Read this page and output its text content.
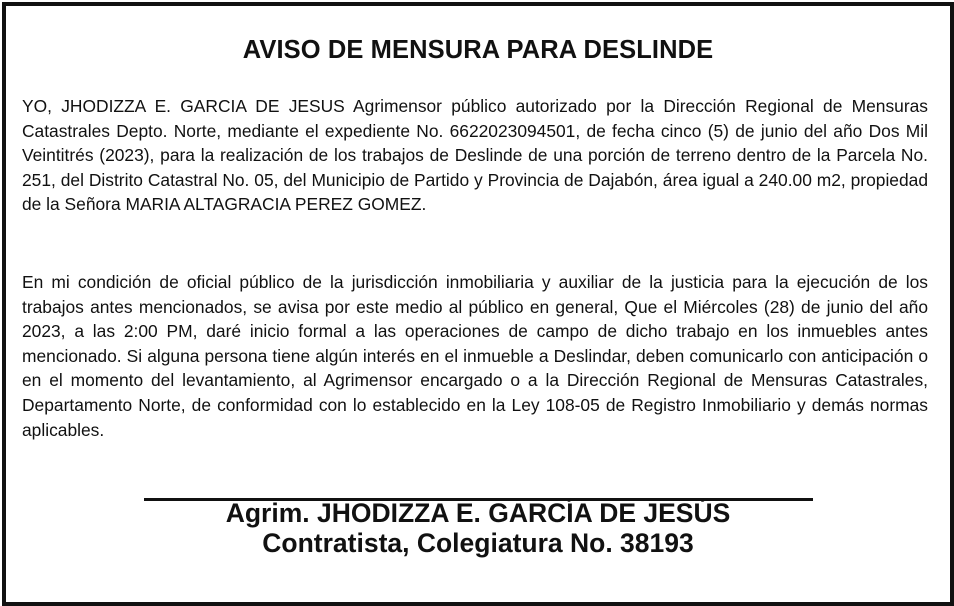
AVISO DE MENSURA PARA DESLINDE

YO, JHODIZZA E. GARCIA DE JESUS Agrimensor público autorizado por la Dirección Regional de Mensuras Catastrales Depto. Norte, mediante el expediente No. 6622023094501, de fecha cinco (5) de junio del año Dos Mil Veintitrés (2023), para la realización de los trabajos de Deslinde de una porción de terreno dentro de la Parcela No. 251, del Distrito Catastral No. 05, del Municipio de Partido y Provincia de Dajabón, área igual a 240.00 m2, propiedad de la Señora MARIA ALTAGRACIA PEREZ GOMEZ.

En mi condición de oficial público de la jurisdicción inmobiliaria y auxiliar de la justicia para la ejecución de los trabajos antes mencionados, se avisa por este medio al público en general, Que el Miércoles (28) de junio del año 2023, a las 2:00 PM, daré inicio formal a las operaciones de campo de dicho trabajo en los inmuebles antes mencionado. Si alguna persona tiene algún interés en el inmueble a Deslindar, deben comunicarlo con anticipación o en el momento del levantamiento, al Agrimensor encargado o a la Dirección Regional de Mensuras Catastrales, Departamento Norte, de conformidad con lo establecido en la Ley 108-05 de Registro Inmobiliario y demás normas aplicables.

Agrim. JHODIZZA E. GARCÍA DE JESÚS

Contratista, Colegiatura No. 38193
